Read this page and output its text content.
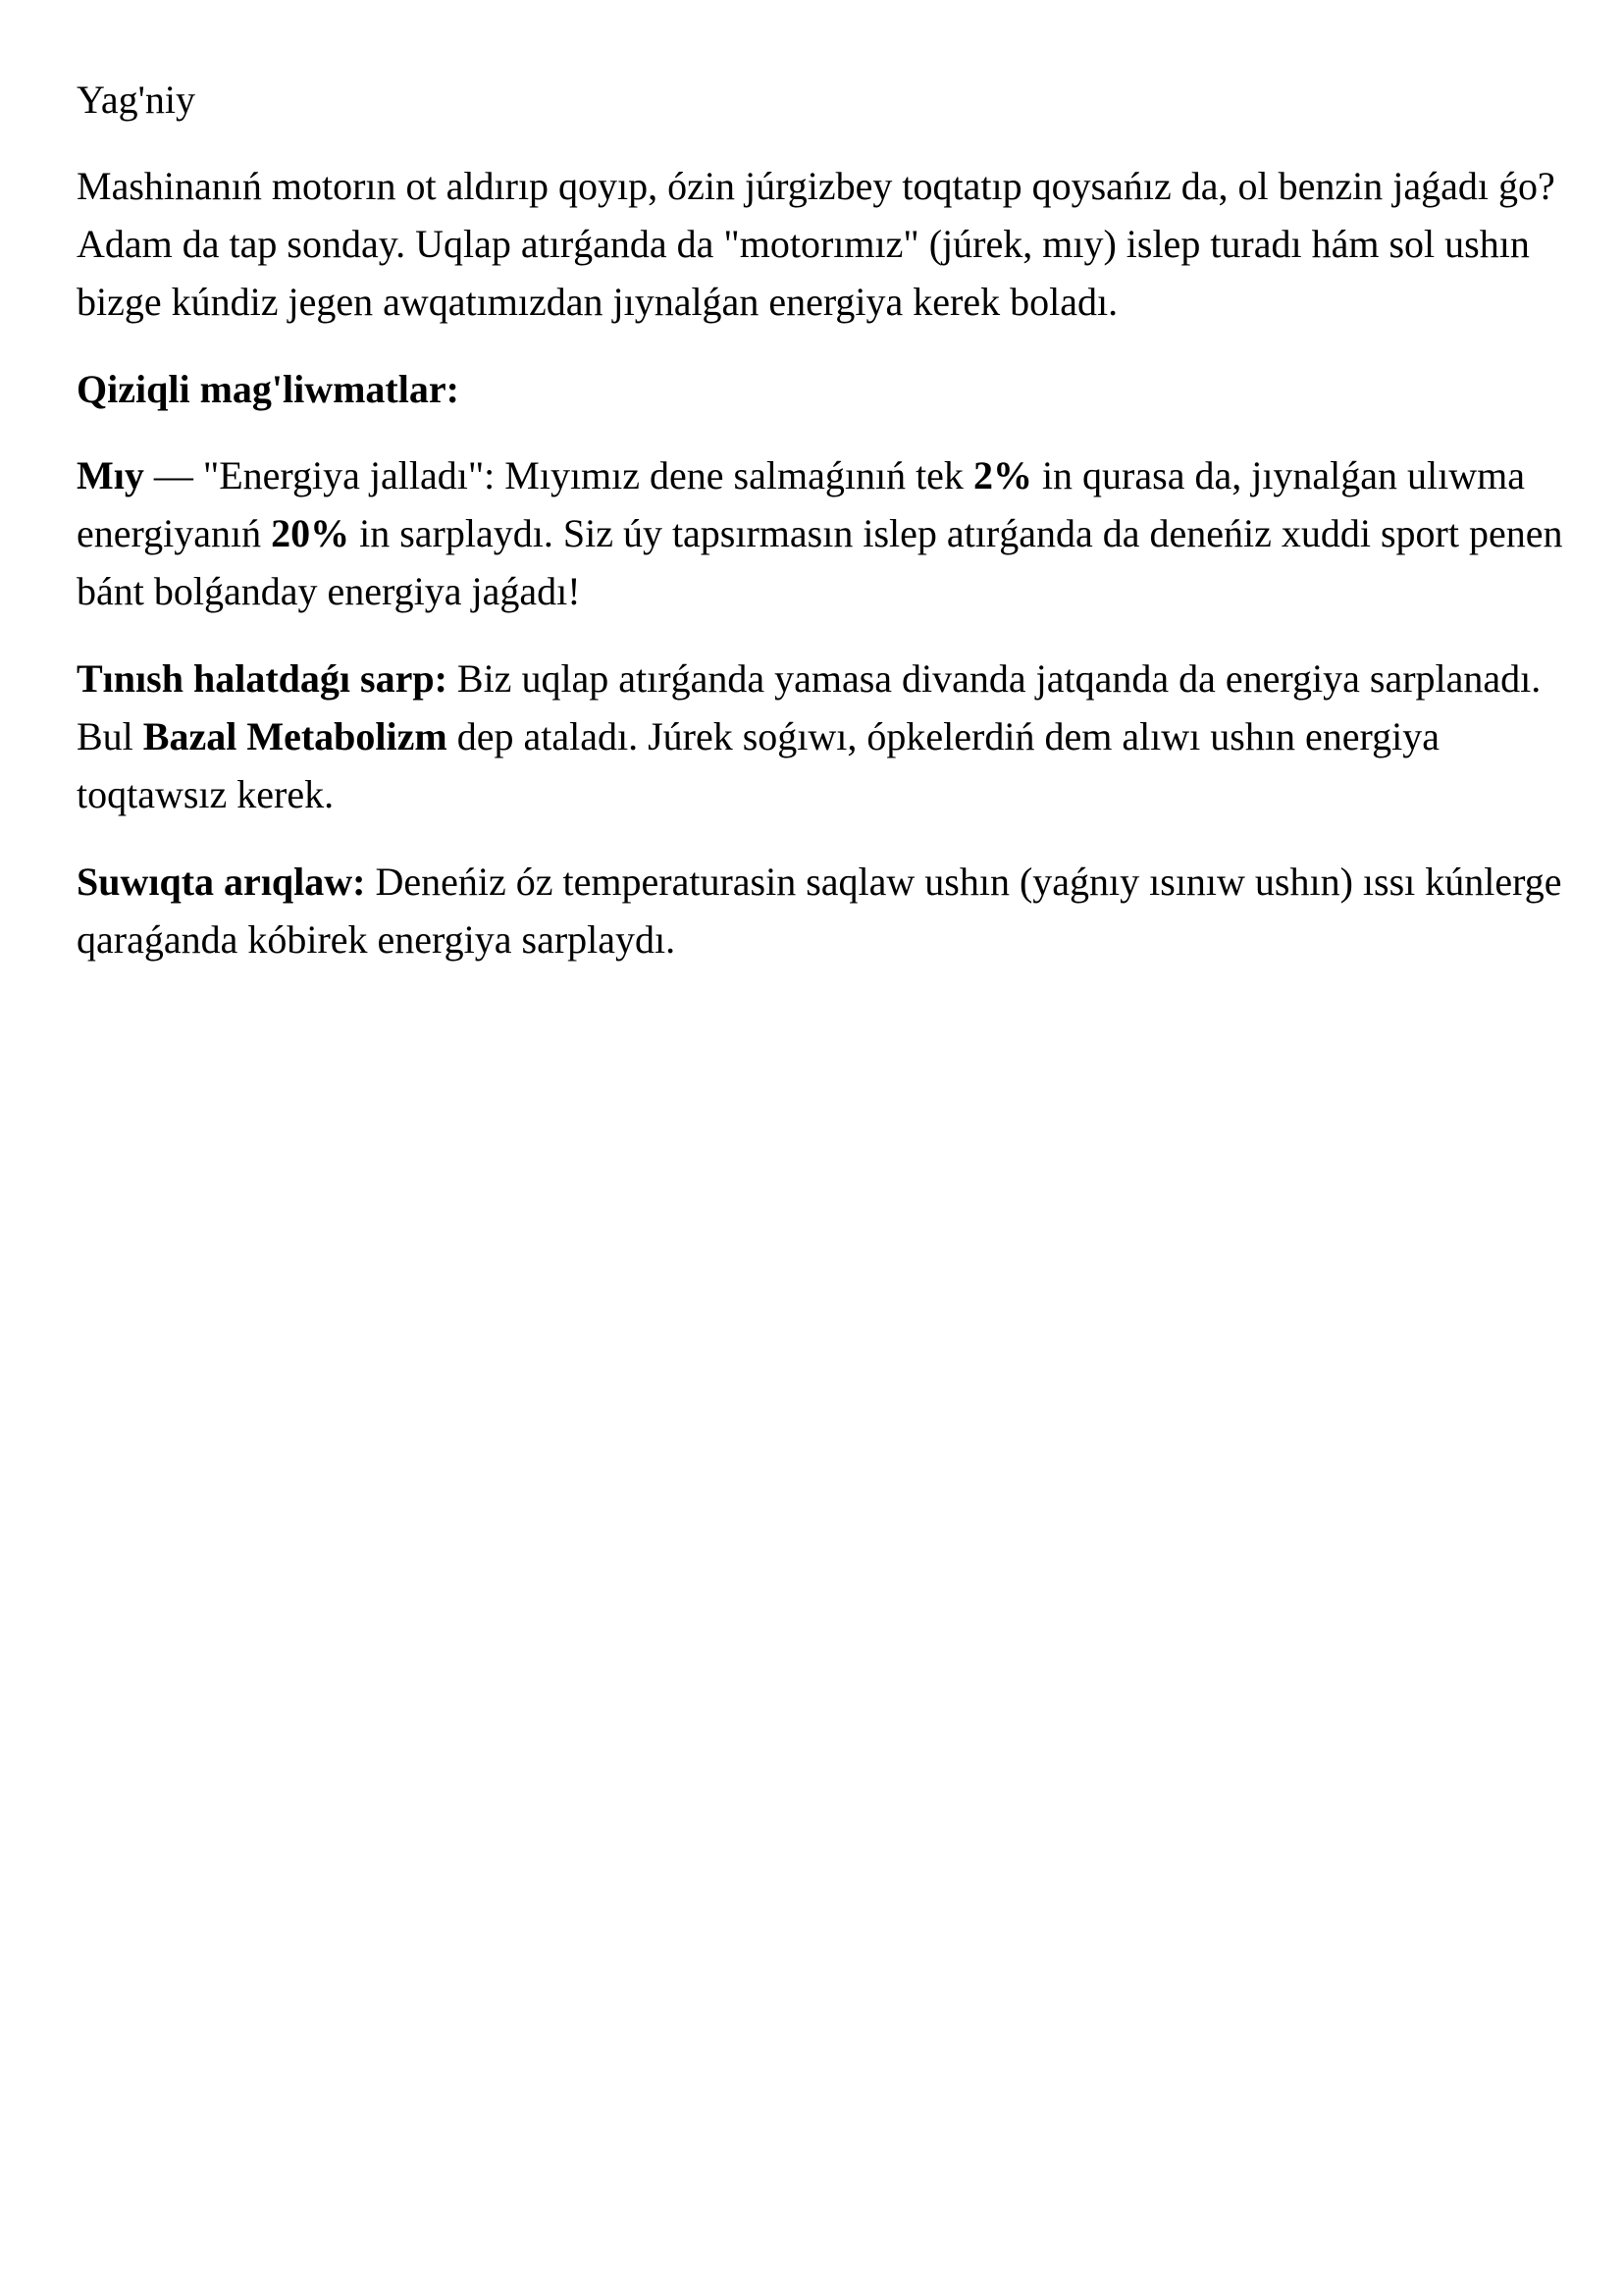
Yag'niy

Mashinanıń motorın ot aldırıp qoyıp, ózin júrgizbey toqtatıp qoysańız da, ol benzin jaǵadı ǵo? Adam da tap sonday. Uqlap atırǵanda da "motorımız" (júrek, mıy) islep turadı hám sol ushın bizge kúndiz jegen awqatımızdan jıynalǵan energiya kerek boladı.

Qiziqli mag'liwmatlar:

Mıy — "Energiya jalladı": Mıyımız dene salmaǵınıń tek 2% in qurasa da, jıynalǵan ulıwma energiyanıń 20% in sarplaydı. Siz úy tapsırmasın islep atırǵanda da deneńiz xuddi sport penen bánt bolǵanday energiya jaǵadı!

Tınısh halatdaǵı sarp: Biz uqlap atırǵanda yamasa divanda jatqanda da energiya sarplanadı. Bul Bazal Metabolizm dep ataladı. Júrek soǵıwı, ópkelerdiń dem alıwı ushın energiya toqtawsız kerek.

Suwıqta arıqlaw: Deneńiz óz temperaturasin saqlaw ushın (yaǵnıy ısınıw ushın) ıssı kúnlerge qaraǵanda kóbirek energiya sarplaydı.
